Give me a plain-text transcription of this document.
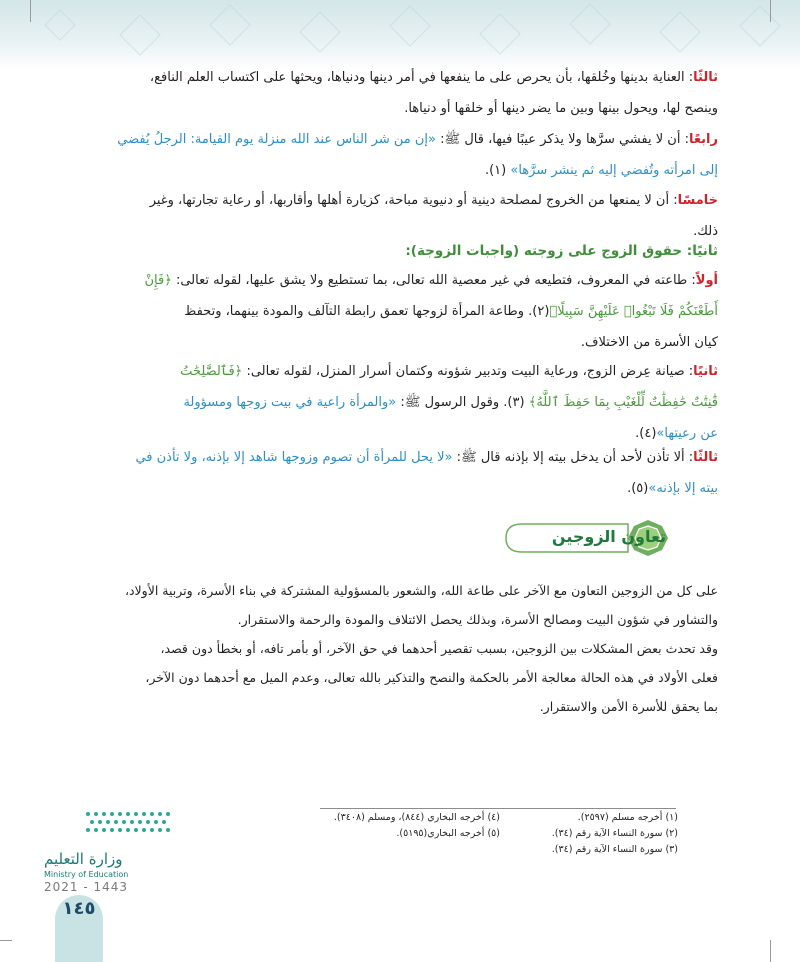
ثالثًا: العناية بدينها وخُلقها، بأن يحرص على ما ينفعها في أمر دينها ودنياها، ويحثها على اكتساب العلم النافع،
وينصح لها، ويحول بينها وبين ما يضر دينها أو خلقها أو دنياها.
رابعًا: أن لا يفشي سرَّها ولا يذكر عيبًا فيها، قال ﷺ: «إن من شر الناس عند الله منزلة يوم القيامة: الرجلُ يُفضي
إلى امرأته وتُفضي إليه ثم ينشر سرَّها» (١).
خامسًا: أن لا يمنعها من الخروج لمصلحة دينية أو دنيوية مباحة، كزيارة أهلها وأقاربها، أو رعاية تجارتها، وغير
ذلك.
ثانيًا: حقوق الزوج على زوجته (واجبات الزوجة):
أولاً: طاعته في المعروف، فتطيعه في غير معصية الله تعالى، بما تستطيع ولا يشق عليها، لقوله تعالى: ﴿فَإِنْ
أَطَعْنَكُمْ فَلَا تَبْغُوا۟ عَلَيْهِنَّ سَبِيلًا﴾(٢). وطاعة المرأة لزوجها تعمق رابطة التآلف والمودة بينهما، وتحفظ
كيان الأسرة من الاختلاف.
ثانيًا: صيانة عِرض الزوج، ورعاية البيت وتدبير شؤونه وكتمان أسرار المنزل، لقوله تعالى: ﴿فَٱلصَّٰلِحَٰتُ
قَٰنِتَٰتٌ حَٰفِظَٰتٌ لِّلْغَيْبِ بِمَا حَفِظَ ٱللَّهُ﴾ (٣). وقول الرسول ﷺ: «والمرأة راعية في بيت زوجها ومسؤولة
عن رعيتها»(٤).
ثالثًا: ألا تأذن لأحد أن يدخل بيته إلا بإذنه قال ﷺ: «لا يحل للمرأة أن تصوم وزوجها شاهد إلا بإذنه، ولا تأذن في
بيته إلا بإذنه»(٥).
تعاون الزوجين
على كل من الزوجين التعاون مع الآخر على طاعة الله، والشعور بالمسؤولية المشتركة في بناء الأسرة، وتربية الأولاد،
والتشاور في شؤون البيت ومصالح الأسرة، وبذلك يحصل الائتلاف والمودة والرحمة والاستقرار.
وقد تحدث بعض المشكلات بين الزوجين، بسبب تقصير أحدهما في حق الآخر، أو بأمر تافه، أو بخطأ دون قصد،
فعلى الأولاد في هذه الحالة معالجة الأمر بالحكمة والنصح والتذكير بالله تعالى، وعدم الميل مع أحدهما دون الآخر،
بما يحقق للأسرة الأمن والاستقرار.
(١) أخرجه مسلم (٢٥٩٧).
(٢) سورة النساء الآية رقم (٣٤).
(٣) سورة النساء الآية رقم (٣٤).
(٤) أخرجه البخاري (٨٤٤)، ومسلم (٣٤٠٨).
(٥) أخرجه البخاري(٥١٩٥).
وزارة التعليم
Ministry of Education
2021 - 1443
١٤٥
